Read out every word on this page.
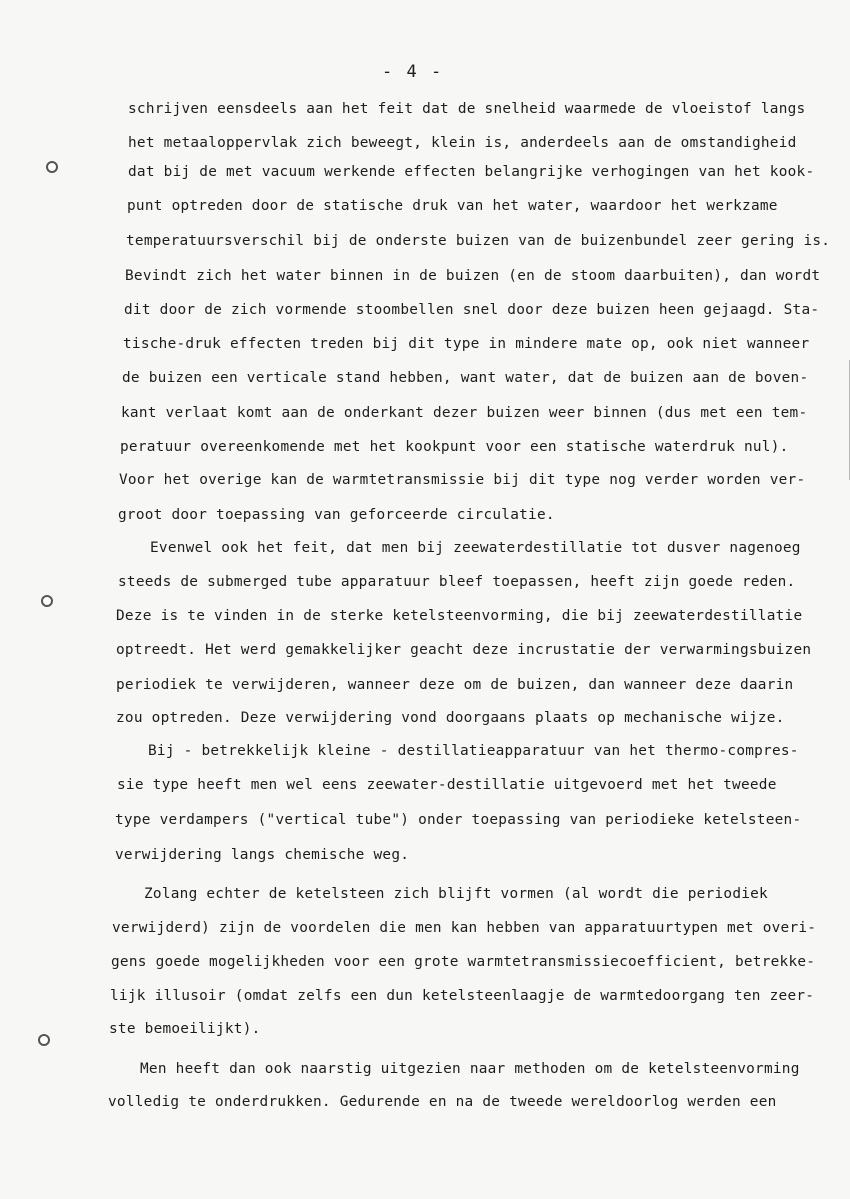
- 4 -
schrijven eensdeels aan het feit dat de snelheid waarmede de vloeistof langs
het metaaloppervlak zich beweegt, klein is, anderdeels aan de omstandigheid
dat bij de met vacuum werkende effecten belangrijke verhogingen van het kook-
punt optreden door de statische druk van het water, waardoor het werkzame
temperatuursverschil bij de onderste buizen van de buizenbundel zeer gering is.
Bevindt zich het water binnen in de buizen (en de stoom daarbuiten), dan wordt
dit door de zich vormende stoombellen snel door deze buizen heen gejaagd. Sta-
tische-druk effecten treden bij dit type in mindere mate op, ook niet wanneer
de buizen een verticale stand hebben, want water, dat de buizen aan de boven-
kant verlaat komt aan de onderkant dezer buizen weer binnen (dus met een tem-
peratuur overeenkomende met het kookpunt voor een statische waterdruk nul).
Voor het overige kan de warmtetransmissie bij dit type nog verder worden ver-
groot door toepassing van geforceerde circulatie.
Evenwel ook het feit, dat men bij zeewaterdestillatie tot dusver nagenoeg
steeds de submerged tube apparatuur bleef toepassen, heeft zijn goede reden.
Deze is te vinden in de sterke ketelsteenvorming, die bij zeewaterdestillatie
optreedt. Het werd gemakkelijker geacht deze incrustatie der verwarmingsbuizen
periodiek te verwijderen, wanneer deze om de buizen, dan wanneer deze daarin
zou optreden. Deze verwijdering vond doorgaans plaats op mechanische wijze.
Bij - betrekkelijk kleine - destillatieapparatuur van het thermo-compres-
sie type heeft men wel eens zeewater-destillatie uitgevoerd met het tweede
type verdampers ("vertical tube") onder toepassing van periodieke ketelsteen-
verwijdering langs chemische weg.
Zolang echter de ketelsteen zich blijft vormen (al wordt die periodiek
verwijderd) zijn de voordelen die men kan hebben van apparatuurtypen met overi-
gens goede mogelijkheden voor een grote warmtetransmissiecoefficient, betrekke-
lijk illusoir (omdat zelfs een dun ketelsteenlaagje de warmtedoorgang ten zeer-
ste bemoeilijkt).
Men heeft dan ook naarstig uitgezien naar methoden om de ketelsteenvorming
volledig te onderdrukken. Gedurende en na de tweede wereldoorlog werden een
